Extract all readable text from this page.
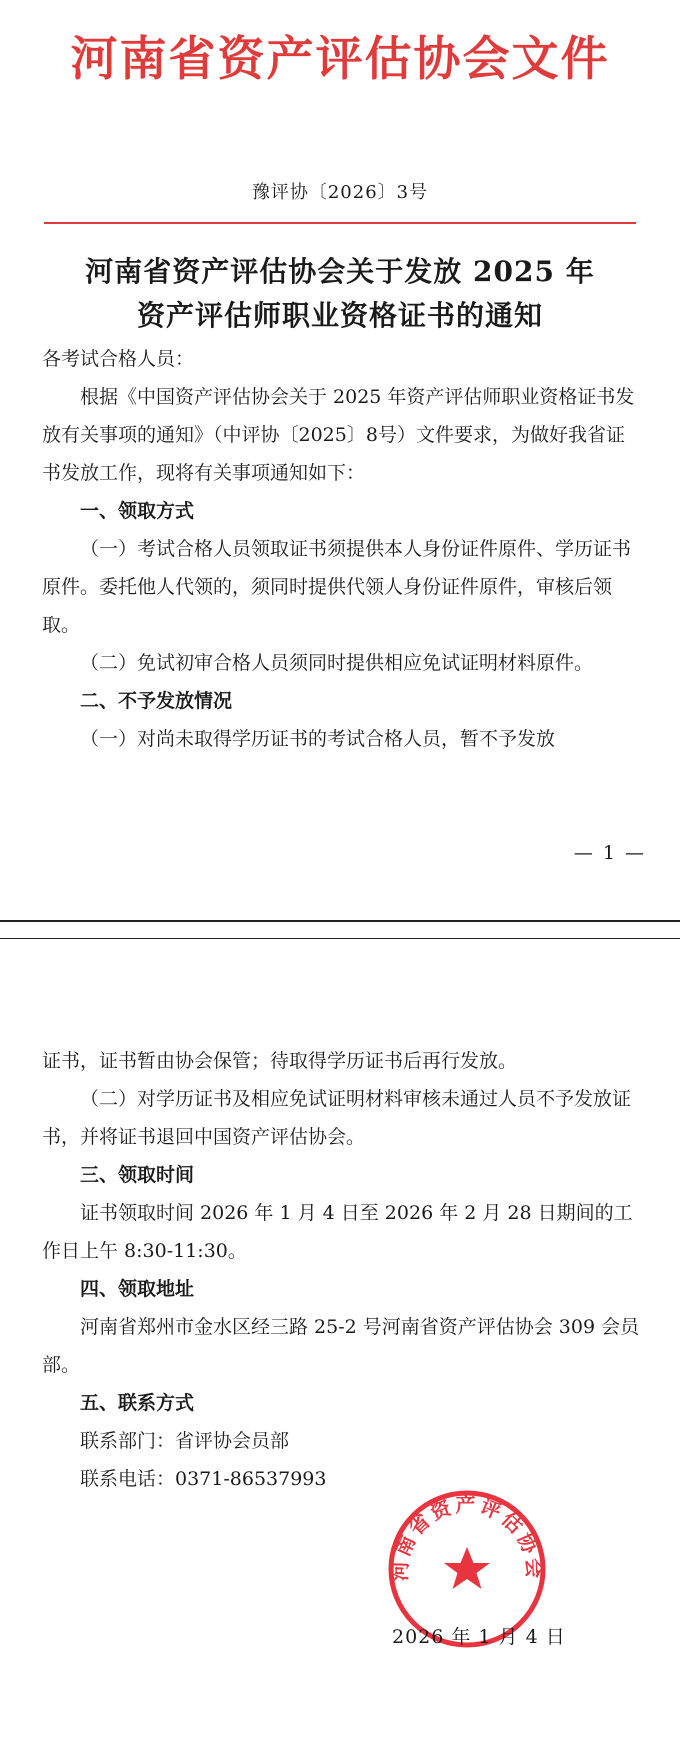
河南省资产评估协会文件
豫评协〔2026〕3号
河南省资产评估协会关于发放 2025 年
资产评估师职业资格证书的通知

各考试合格人员：

根据《中国资产评估协会关于 2025 年资产评估师职业资格证书发放有关事项的通知》（中评协〔2025〕8号）文件要求，为做好我省证书发放工作，现将有关事项通知如下：

一、领取方式

（一）考试合格人员领取证书须提供本人身份证件原件、学历证书原件。委托他人代领的，须同时提供代领人身份证件原件，审核后领取。

（二）免试初审合格人员须同时提供相应免试证明材料原件。

二、不予发放情况

（一）对尚未取得学历证书的考试合格人员，暂不予发放

— 1 —

证书，证书暂由协会保管；待取得学历证书后再行发放。

（二）对学历证书及相应免试证明材料审核未通过人员不予发放证书，并将证书退回中国资产评估协会。

三、领取时间

证书领取时间 2026 年 1 月 4 日至 2026 年 2 月 28 日期间的工作日上午 8:30-11:30。

四、领取地址

河南省郑州市金水区经三路 25-2 号河南省资产评估协会 309 会员部。

五、联系方式

联系部门：省评协会员部

联系电话：0371-86537993

河南省资产评估协会
2026 年 1 月 4 日
